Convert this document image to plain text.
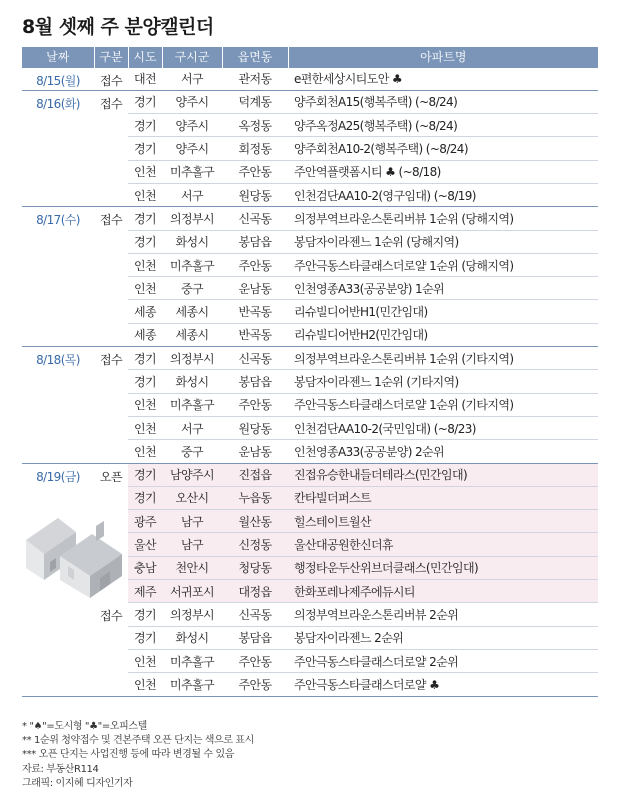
8월 셋째 주 분양캘린더
날짜	구분	시도	구시군	읍면동	아파트명
8/15(월)	접수	대전	서구	관저동	e편한세상시티도안 ♣
8/16(화)	접수	경기	양주시	덕계동	양주회천A15(행복주택) (~8/24)
		경기	양주시	옥정동	양주옥정A25(행복주택) (~8/24)
		경기	양주시	회정동	양주회천A10-2(행복주택) (~8/24)
		인천	미추홀구	주안동	주안역플랫폼시티 ♣ (~8/18)
		인천	서구	원당동	인천검단AA10-2(영구임대) (~8/19)
8/17(수)	접수	경기	의정부시	신곡동	의정부역브라운스톤리버뷰 1순위 (당해지역)
		경기	화성시	봉담읍	봉담자이라젠느 1순위 (당해지역)
		인천	미추홀구	주안동	주안극동스타클래스더로얄 1순위 (당해지역)
		인천	중구	운남동	인천영종A33(공공분양) 1순위
		세종	세종시	반곡동	리슈빌디어반H1(민간임대)
		세종	세종시	반곡동	리슈빌디어반H2(민간임대)
8/18(목)	접수	경기	의정부시	신곡동	의정부역브라운스톤리버뷰 1순위 (기타지역)
		경기	화성시	봉담읍	봉담자이라젠느 1순위 (기타지역)
		인천	미추홀구	주안동	주안극동스타클래스더로얄 1순위 (기타지역)
		인천	서구	원당동	인천검단AA10-2(국민임대) (~8/23)
		인천	중구	운남동	인천영종A33(공공분양) 2순위
8/19(금)	오픈	경기	남양주시	진접읍	진접유승한내들더테라스(민간임대)
		경기	오산시	누읍동	칸타빌더퍼스트
		광주	남구	월산동	힐스테이트월산
		울산	남구	신정동	울산대공원한신더휴
		충남	천안시	청당동	행정타운두산위브더클래스(민간임대)
		제주	서귀포시	대정읍	한화포레나제주에듀시티
	접수	경기	의정부시	신곡동	의정부역브라운스톤리버뷰 2순위
		경기	화성시	봉담읍	봉담자이라젠느 2순위
		인천	미추홀구	주안동	주안극동스타클래스더로얄 2순위
		인천	미추홀구	주안동	주안극동스타클래스더로얄 ♣

* "♠"=도시형 "♣"=오피스텔
** 1순위 청약접수 및 견본주택 오픈 단지는 색으로 표시
*** 오픈 단지는 사업진행 등에 따라 변경될 수 있음
자료: 부동산R114
그래픽: 이지혜 디자인기자
